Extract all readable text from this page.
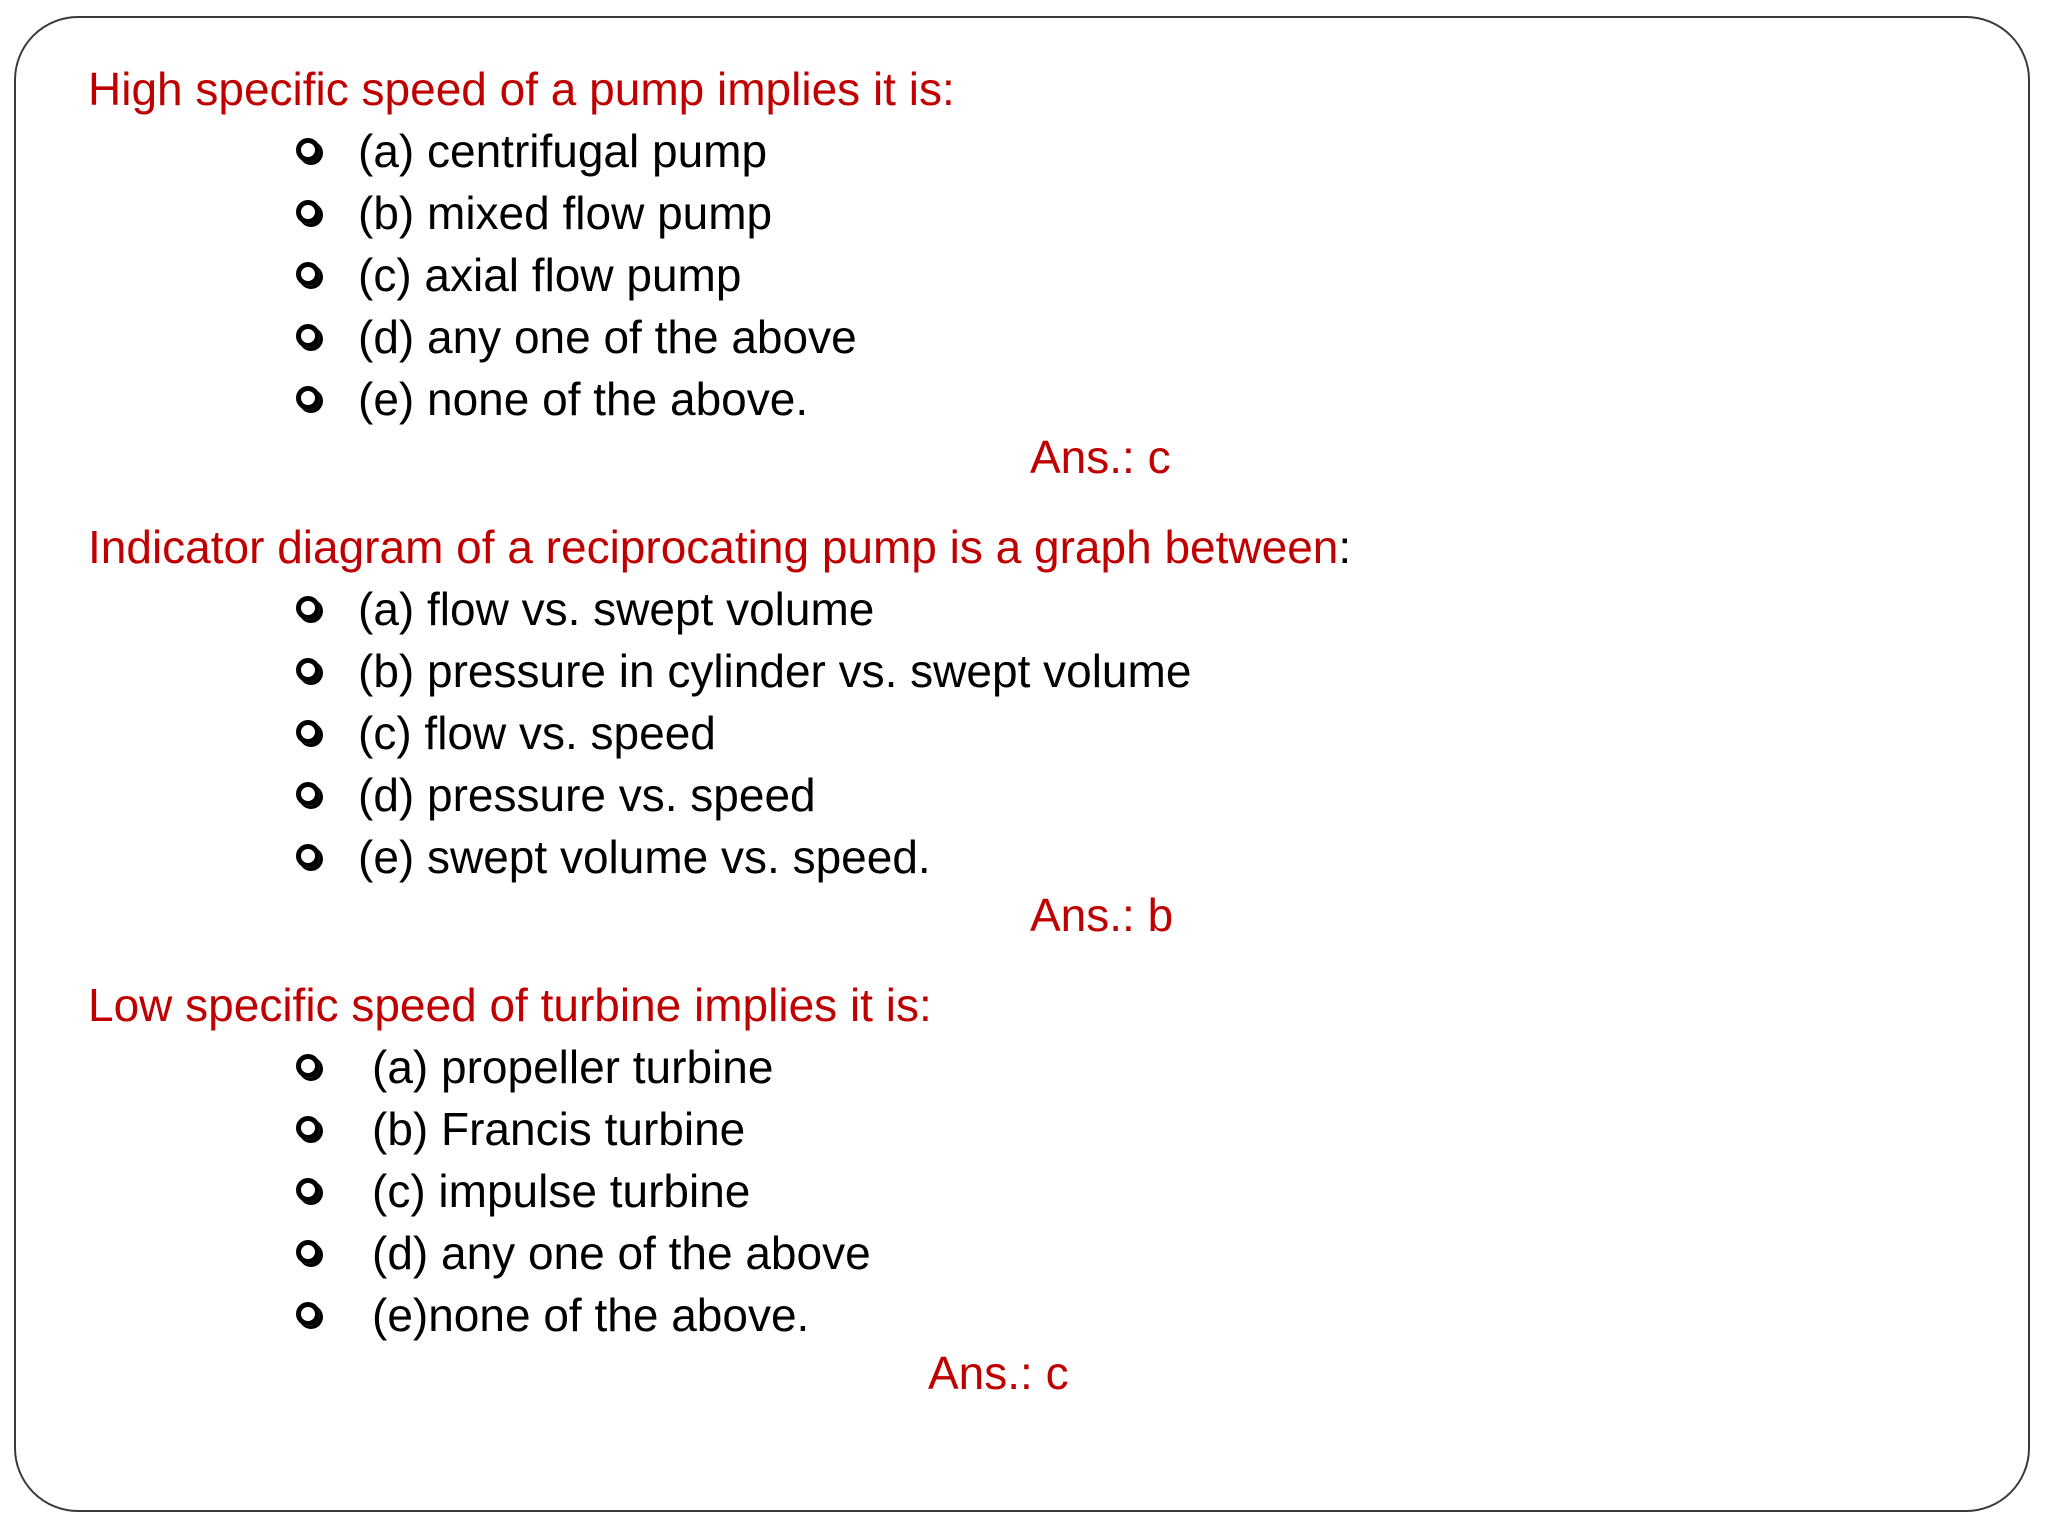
High specific speed of a pump implies it is:
(a) centrifugal pump
(b) mixed flow pump
(c) axial flow pump
(d) any one of the above
(e) none of the above.
Ans.: c
Indicator diagram of a reciprocating pump is a graph between:
(a) flow vs. swept volume
(b) pressure in cylinder vs. swept volume
(c) flow vs. speed
(d) pressure vs. speed
(e) swept volume vs. speed.
Ans.: b
Low specific speed of turbine implies it is:
(a) propeller turbine
(b) Francis turbine
(c) impulse turbine
(d) any one of the above
(e)none of the above.
Ans.: c
